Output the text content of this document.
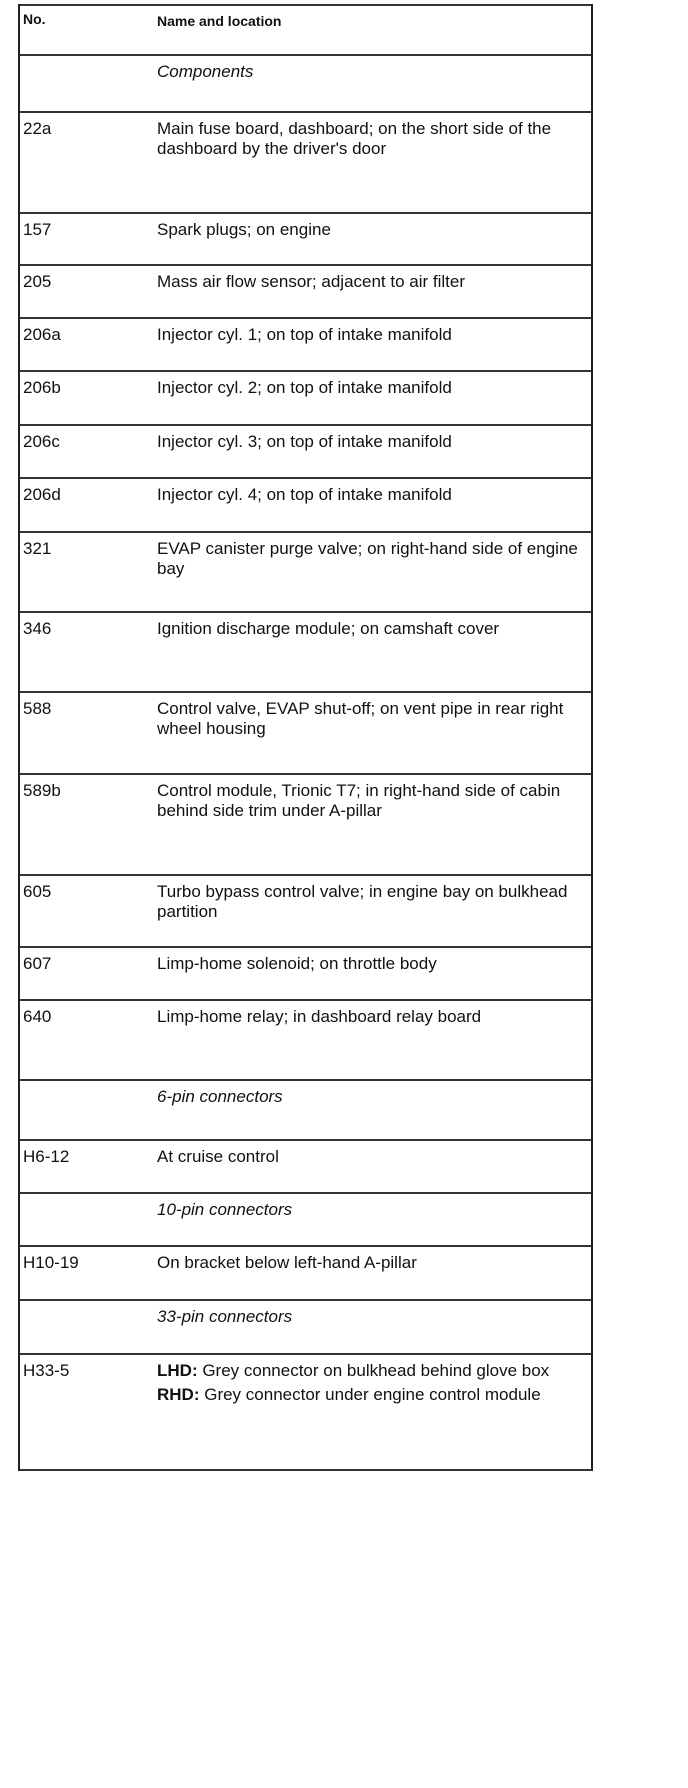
No.	Name and location
Components
22a	Main fuse board, dashboard; on the short side of the dashboard by the driver's door
157	Spark plugs; on engine
205	Mass air flow sensor; adjacent to air filter
206a	Injector cyl. 1; on top of intake manifold
206b	Injector cyl. 2; on top of intake manifold
206c	Injector cyl. 3; on top of intake manifold
206d	Injector cyl. 4; on top of intake manifold
321	EVAP canister purge valve; on right-hand side of engine bay
346	Ignition discharge module; on camshaft cover
588	Control valve, EVAP shut-off; on vent pipe in rear right wheel housing
589b	Control module, Trionic T7; in right-hand side of cabin behind side trim under A-pillar
605	Turbo bypass control valve; in engine bay on bulkhead partition
607	Limp-home solenoid; on throttle body
640	Limp-home relay; in dashboard relay board
6-pin connectors
H6-12	At cruise control
10-pin connectors
H10-19	On bracket below left-hand A-pillar
33-pin connectors
H33-5	LHD: Grey connector on bulkhead behind glove box
RHD: Grey connector under engine control module
